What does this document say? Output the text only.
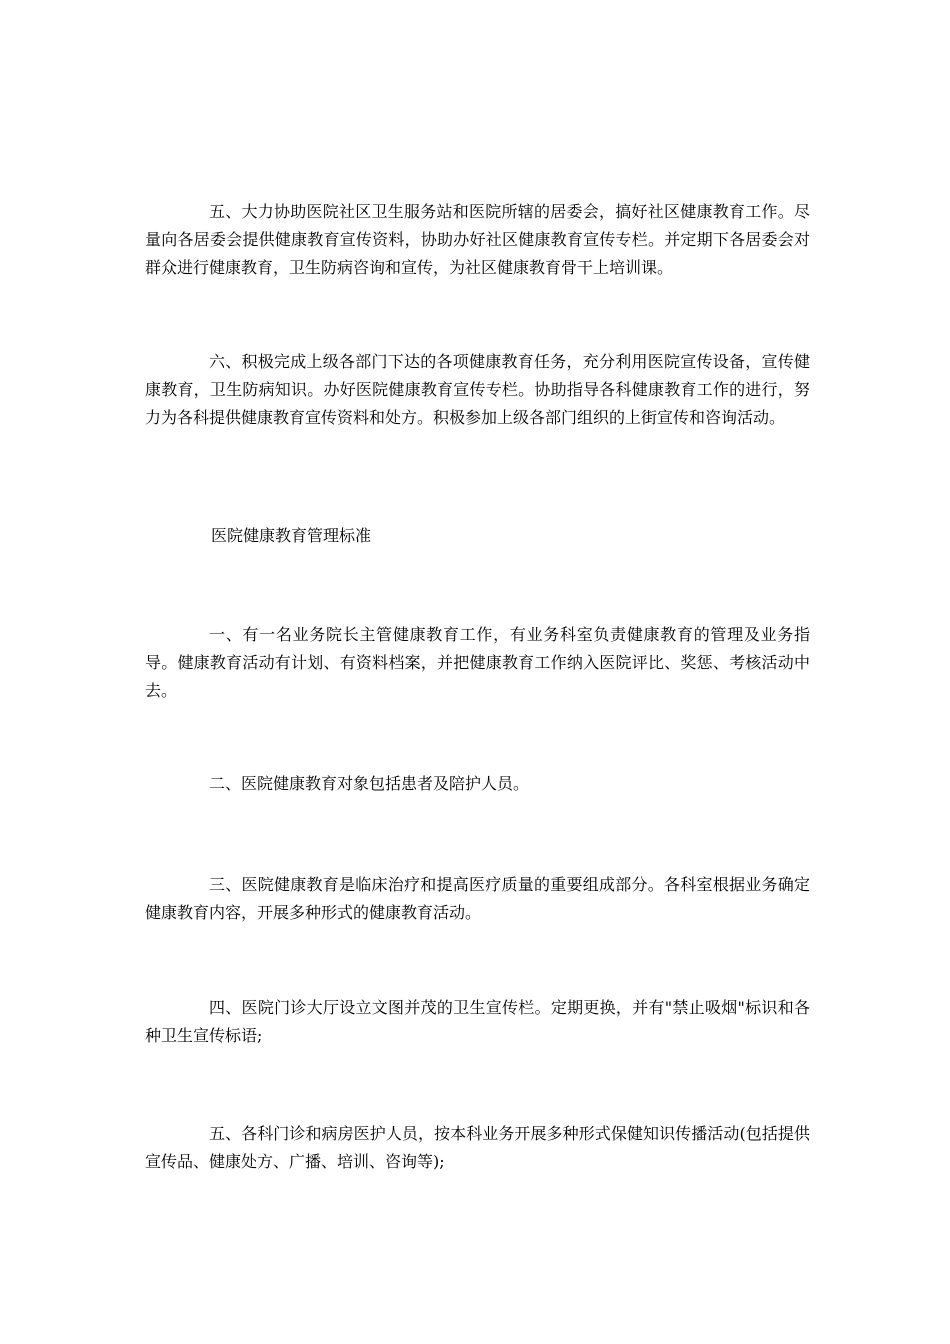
五、大力协助医院社区卫生服务站和医院所辖的居委会，搞好社区健康教育工作。尽量向各居委会提供健康教育宣传资料，协助办好社区健康教育宣传专栏。并定期下各居委会对群众进行健康教育，卫生防病咨询和宣传，为社区健康教育骨干上培训课。

六、积极完成上级各部门下达的各项健康教育任务，充分利用医院宣传设备，宣传健康教育，卫生防病知识。办好医院健康教育宣传专栏。协助指导各科健康教育工作的进行，努力为各科提供健康教育宣传资料和处方。积极参加上级各部门组织的上街宣传和咨询活动。

医院健康教育管理标准

一、有一名业务院长主管健康教育工作，有业务科室负责健康教育的管理及业务指导。健康教育活动有计划、有资料档案，并把健康教育工作纳入医院评比、奖惩、考核活动中去。

二、医院健康教育对象包括患者及陪护人员。

三、医院健康教育是临床治疗和提高医疗质量的重要组成部分。各科室根据业务确定健康教育内容，开展多种形式的健康教育活动。

四、医院门诊大厅设立文图并茂的卫生宣传栏。定期更换，并有"禁止吸烟"标识和各种卫生宣传标语;

五、各科门诊和病房医护人员，按本科业务开展多种形式保健知识传播活动(包括提供宣传品、健康处方、广播、培训、咨询等);
